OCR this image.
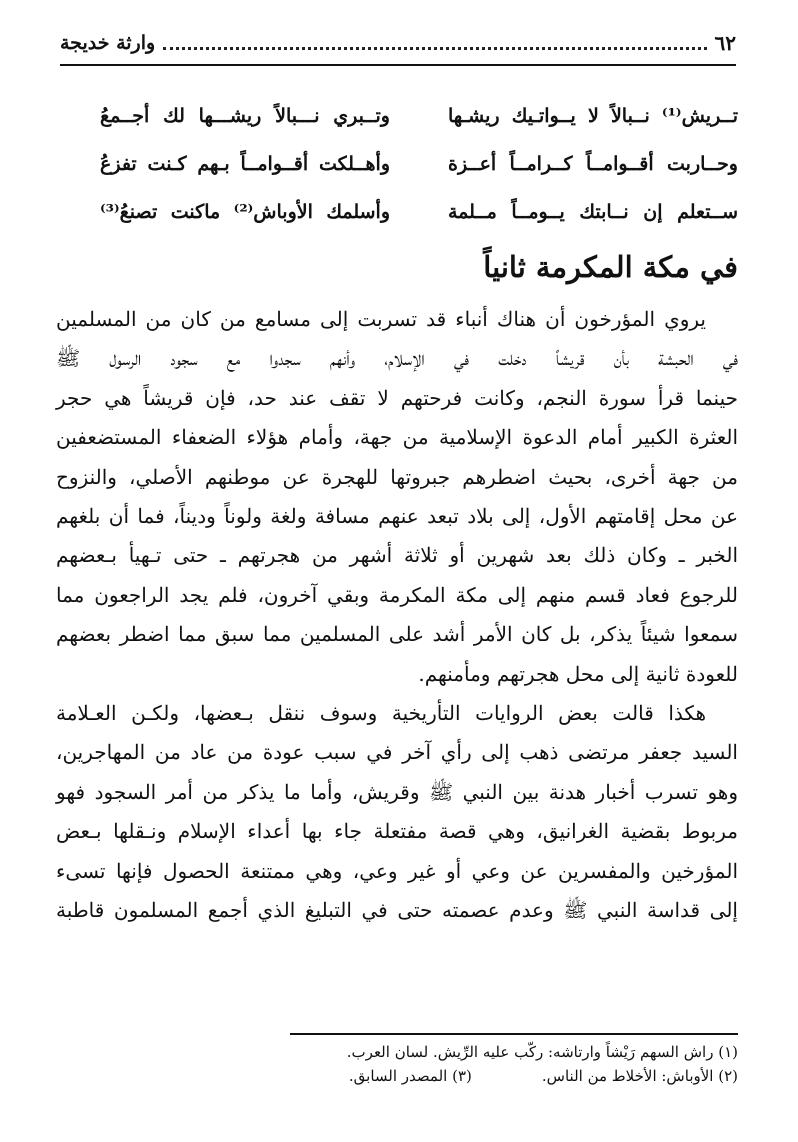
٦٢
وارثة خديجة
تــريش⁽¹⁾ نــبالاً لا يــواتـيك ريشـها
وتــبري نـــبالاً ريشـــها لك أجــمعُ
وحــاربت أقــوامــاً كــرامــاً أعــزة
وأهــلكت أقــوامــاً بـهم كـنت تفزعُ
ســتعلم إن نــابتك يــومــاً مــلمة
وأسلمك الأوباش⁽²⁾ ماكنت تصنعُ⁽³⁾
في مكة المكرمة ثانياً
يروي المؤرخون أن هناك أنباء قد تسربت إلى مسامع من كان من المسلمين
في الحبشة بأن قريشاً دخلت في الإسلام، وأنهم سجدوا مع سجود الرسول ﷺ
حينما قرأ سورة النجم، وكانت فرحتهم لا تقف عند حد، فإن قريشاً هي حجر
العثرة الكبير أمام الدعوة الإسلامية من جهة، وأمام هؤلاء الضعفاء المستضعفين
من جهة أخرى، بحيث اضطرهم جبروتها للهجرة عن موطنهم الأصلي، والنزوح
عن محل إقامتهم الأول، إلى بلاد تبعد عنهم مسافة ولغة ولوناً وديناً، فما أن بلغهم
الخبر ـ وكان ذلك بعد شهرين أو ثلاثة أشهر من هجرتهم ـ حتى تـهيأ بـعضهم
للرجوع فعاد قسم منهم إلى مكة المكرمة وبقي آخرون، فلم يجد الراجعون مما
سمعوا شيئاً يذكر، بل كان الأمر أشد على المسلمين مما سبق مما اضطر بعضهم
للعودة ثانية إلى محل هجرتهم ومأمنهم.
هكذا قالت بعض الروايات التأريخية وسوف ننقل بـعضها، ولكـن العـلامة
السيد جعفر مرتضى ذهب إلى رأي آخر في سبب عودة من عاد من المهاجرين،
وهو تسرب أخبار هدنة بين النبي ﷺ وقريش، وأما ما يذكر من أمر السجود فهو
مربوط بقضية الغرانيق، وهي قصة مفتعلة جاء بها أعداء الإسلام ونـقلها بـعض
المؤرخين والمفسرين عن وعي أو غير وعي، وهي ممتنعة الحصول فإنها تسىء
إلى قداسة النبي ﷺ وعدم عصمته حتى في التبليغ الذي أجمع المسلمون قاطبة
(١) راش السهم رَيْشاً وارتاشه: ركّب عليه الرِّيش. لسان العرب.
(٢) الأوباش: الأخلاط من الناس.(٣) المصدر السابق.
